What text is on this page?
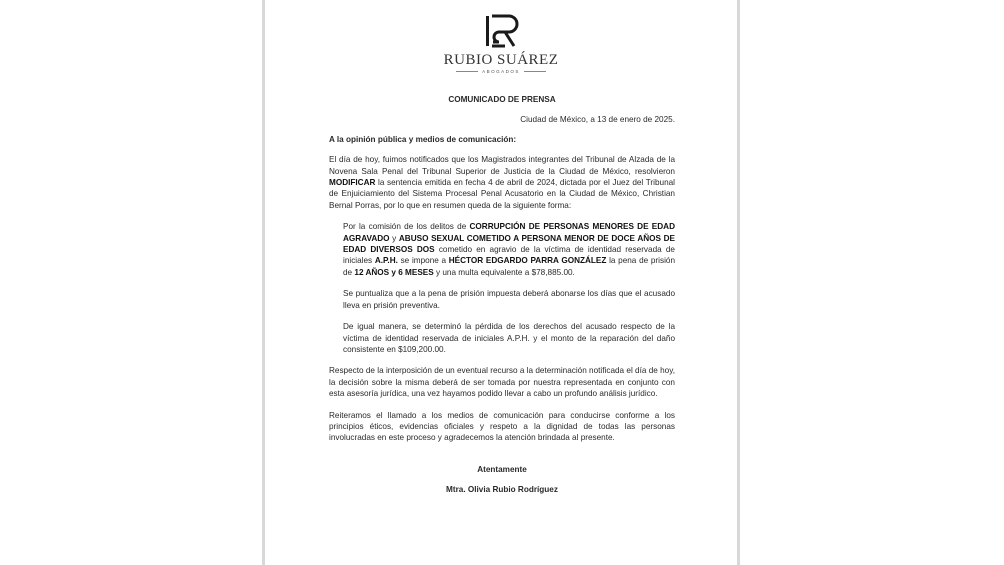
RUBIO SUÁREZ
ABOGADOS
COMUNICADO DE PRENSA
Ciudad de México, a 13 de enero de 2025.
A la opinión pública y medios de comunicación:

El día de hoy, fuimos notificados que los Magistrados integrantes del Tribunal de Alzada de la Novena Sala Penal del Tribunal Superior de Justicia de la Ciudad de México, resolvieron MODIFICAR la sentencia emitida en fecha 4 de abril de 2024, dictada por el Juez del Tribunal de Enjuiciamiento del Sistema Procesal Penal Acusatorio en la Ciudad de México, Christian Bernal Porras, por lo que en resumen queda de la siguiente forma:

Por la comisión de los delitos de CORRUPCIÓN DE PERSONAS MENORES DE EDAD AGRAVADO y ABUSO SEXUAL COMETIDO A PERSONA MENOR DE DOCE AÑOS DE EDAD DIVERSOS DOS cometido en agravio de la víctima de identidad reservada de iniciales A.P.H. se impone a HÉCTOR EDGARDO PARRA GONZÁLEZ la pena de prisión de 12 AÑOS y 6 MESES y una multa equivalente a $78,885.00.

Se puntualiza que a la pena de prisión impuesta deberá abonarse los días que el acusado lleva en prisión preventiva.

De igual manera, se determinó la pérdida de los derechos del acusado respecto de la víctima de identidad reservada de iniciales A.P.H. y el monto de la reparación del daño consistente en $109,200.00.

Respecto de la interposición de un eventual recurso a la determinación notificada el día de hoy, la decisión sobre la misma deberá de ser tomada por nuestra representada en conjunto con esta asesoría jurídica, una vez hayamos podido llevar a cabo un profundo análisis jurídico.

Reiteramos el llamado a los medios de comunicación para conducirse conforme a los principios éticos, evidencias oficiales y respeto a la dignidad de todas las personas involucradas en este proceso y agradecemos la atención brindada al presente.

Atentamente
Mtra. Olivia Rubio Rodríguez
